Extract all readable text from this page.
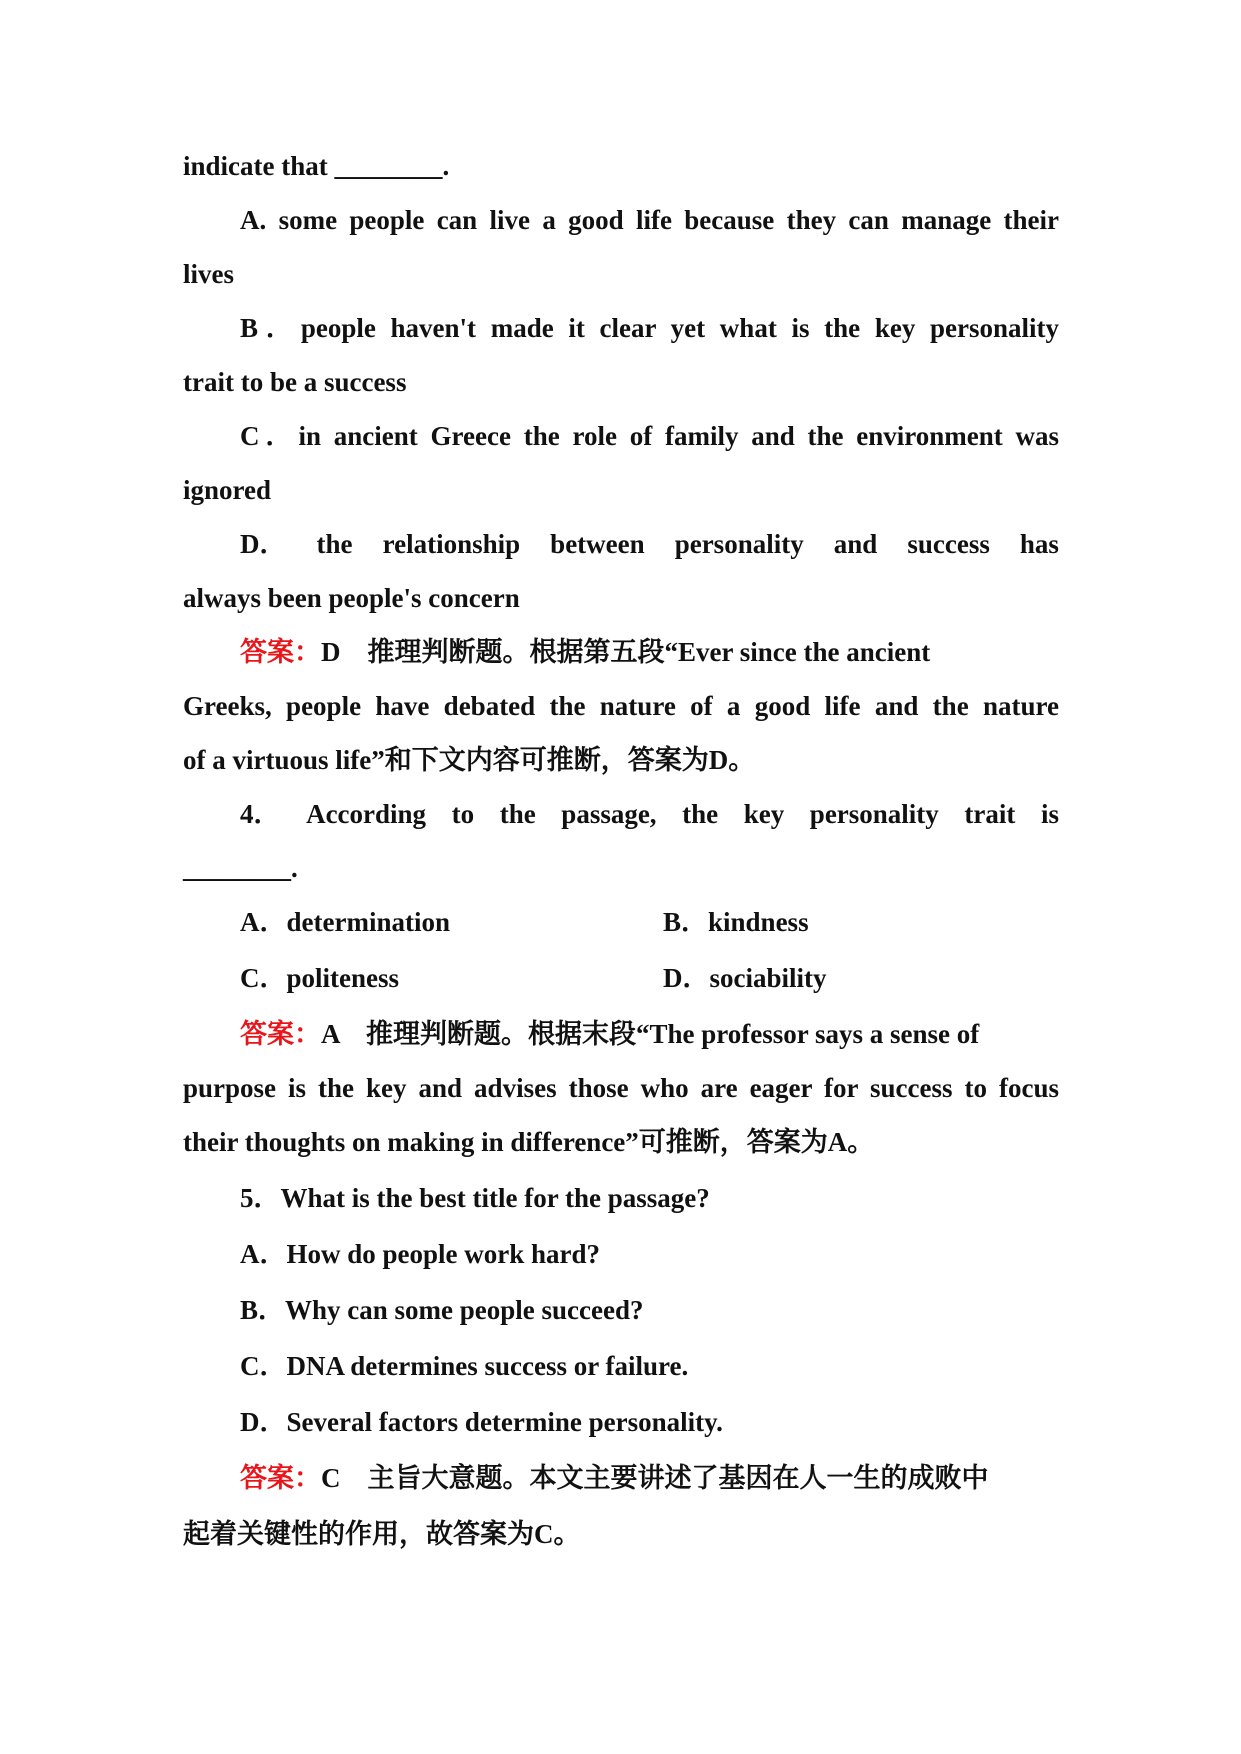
indicate that ________.
A. some people can live a good life because they can manage their
lives
B．people haven't made it clear yet what is the key personality
trait to be a success
C．in ancient Greece the role of family and the environment was
ignored
D． the relationship between personality and success has
always been people's concern
答案：D　推理判断题。根据第五段“Ever since the ancient
Greeks, people have debated the nature of a good life and the nature
of a virtuous life”和下文内容可推断，答案为D。
4． According to the passage, the key personality trait is
________.
A．determination	B．kindness
C．politeness	D．sociability
答案：A　推理判断题。根据末段“The professor says a sense of
purpose is the key and advises those who are eager for success to focus
their thoughts on making in difference”可推断，答案为A。
5．What is the best title for the passage?
A．How do people work hard?
B．Why can some people succeed?
C．DNA determines success or failure.
D．Several factors determine personality.
答案：C　主旨大意题。本文主要讲述了基因在人一生的成败中
起着关键性的作用，故答案为C。
